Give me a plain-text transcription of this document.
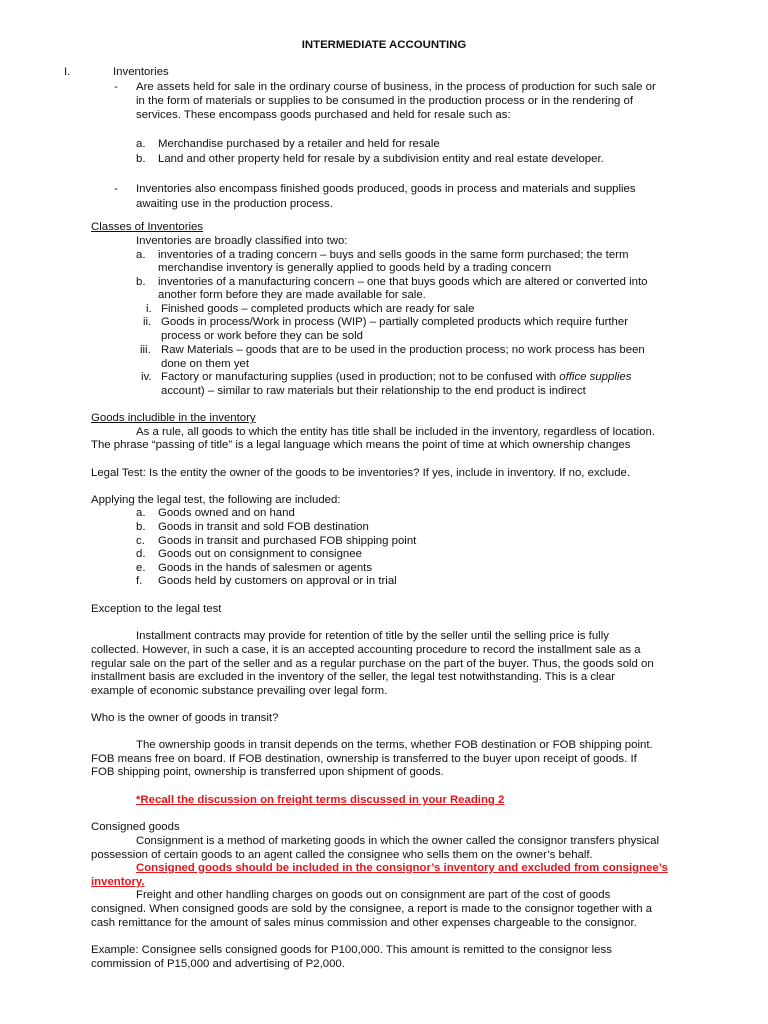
INTERMEDIATE ACCOUNTING
I.	Inventories
- Are assets held for sale in the ordinary course of business, in the process of production for such sale or
in the form of materials or supplies to be consumed in the production process or in the rendering of
services. These encompass goods purchased and held for resale such as:
a. Merchandise purchased by a retailer and held for resale
b. Land and other property held for resale by a subdivision entity and real estate developer.
- Inventories also encompass finished goods produced, goods in process and materials and supplies
awaiting use in the production process.
Classes of Inventories
Inventories are broadly classified into two:
a. inventories of a trading concern – buys and sells goods in the same form purchased; the term
merchandise inventory is generally applied to goods held by a trading concern
b. inventories of a manufacturing concern – one that buys goods which are altered or converted into
another form before they are made available for sale.
i. Finished goods – completed products which are ready for sale
ii. Goods in process/Work in process (WIP) – partially completed products which require further
process or work before they can be sold
iii. Raw Materials – goods that are to be used in the production process; no work process has been
done on them yet
iv. Factory or manufacturing supplies (used in production; not to be confused with office supplies
account) – similar to raw materials but their relationship to the end product is indirect
Goods includible in the inventory
As a rule, all goods to which the entity has title shall be included in the inventory, regardless of location.
The phrase “passing of title” is a legal language which means the point of time at which ownership changes
Legal Test: Is the entity the owner of the goods to be inventories? If yes, include in inventory. If no, exclude.
Applying the legal test, the following are included:
a. Goods owned and on hand
b. Goods in transit and sold FOB destination
c. Goods in transit and purchased FOB shipping point
d. Goods out on consignment to consignee
e. Goods in the hands of salesmen or agents
f. Goods held by customers on approval or in trial
Exception to the legal test
Installment contracts may provide for retention of title by the seller until the selling price is fully
collected. However, in such a case, it is an accepted accounting procedure to record the installment sale as a
regular sale on the part of the seller and as a regular purchase on the part of the buyer. Thus, the goods sold on
installment basis are excluded in the inventory of the seller, the legal test notwithstanding. This is a clear
example of economic substance prevailing over legal form.
Who is the owner of goods in transit?
The ownership goods in transit depends on the terms, whether FOB destination or FOB shipping point.
FOB means free on board. If FOB destination, ownership is transferred to the buyer upon receipt of goods. If
FOB shipping point, ownership is transferred upon shipment of goods.
*Recall the discussion on freight terms discussed in your Reading 2
Consigned goods
Consignment is a method of marketing goods in which the owner called the consignor transfers physical
possession of certain goods to an agent called the consignee who sells them on the owner’s behalf.
Consigned goods should be included in the consignor’s inventory and excluded from consignee’s
inventory.
Freight and other handling charges on goods out on consignment are part of the cost of goods
consigned. When consigned goods are sold by the consignee, a report is made to the consignor together with a
cash remittance for the amount of sales minus commission and other expenses chargeable to the consignor.
Example: Consignee sells consigned goods for P100,000. This amount is remitted to the consignor less
commission of P15,000 and advertising of P2,000.
